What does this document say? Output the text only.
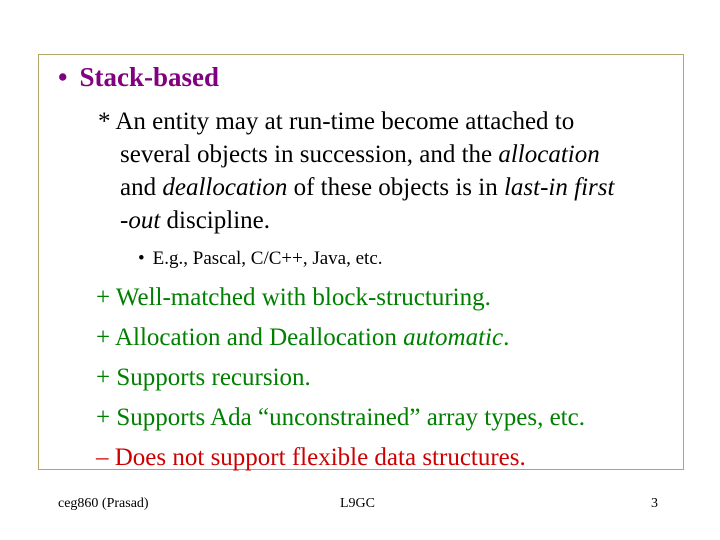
• Stack-based
* An entity may at run-time become attached to
several objects in succession, and the allocation
and deallocation of these objects is in last-in first
-out discipline.
• E.g., Pascal, C/C++, Java, etc.
+ Well-matched with block-structuring.
+ Allocation and Deallocation automatic.
+ Supports recursion.
+ Supports Ada “unconstrained” array types, etc.
– Does not support flexible data structures.
ceg860 (Prasad)	L9GC	3
